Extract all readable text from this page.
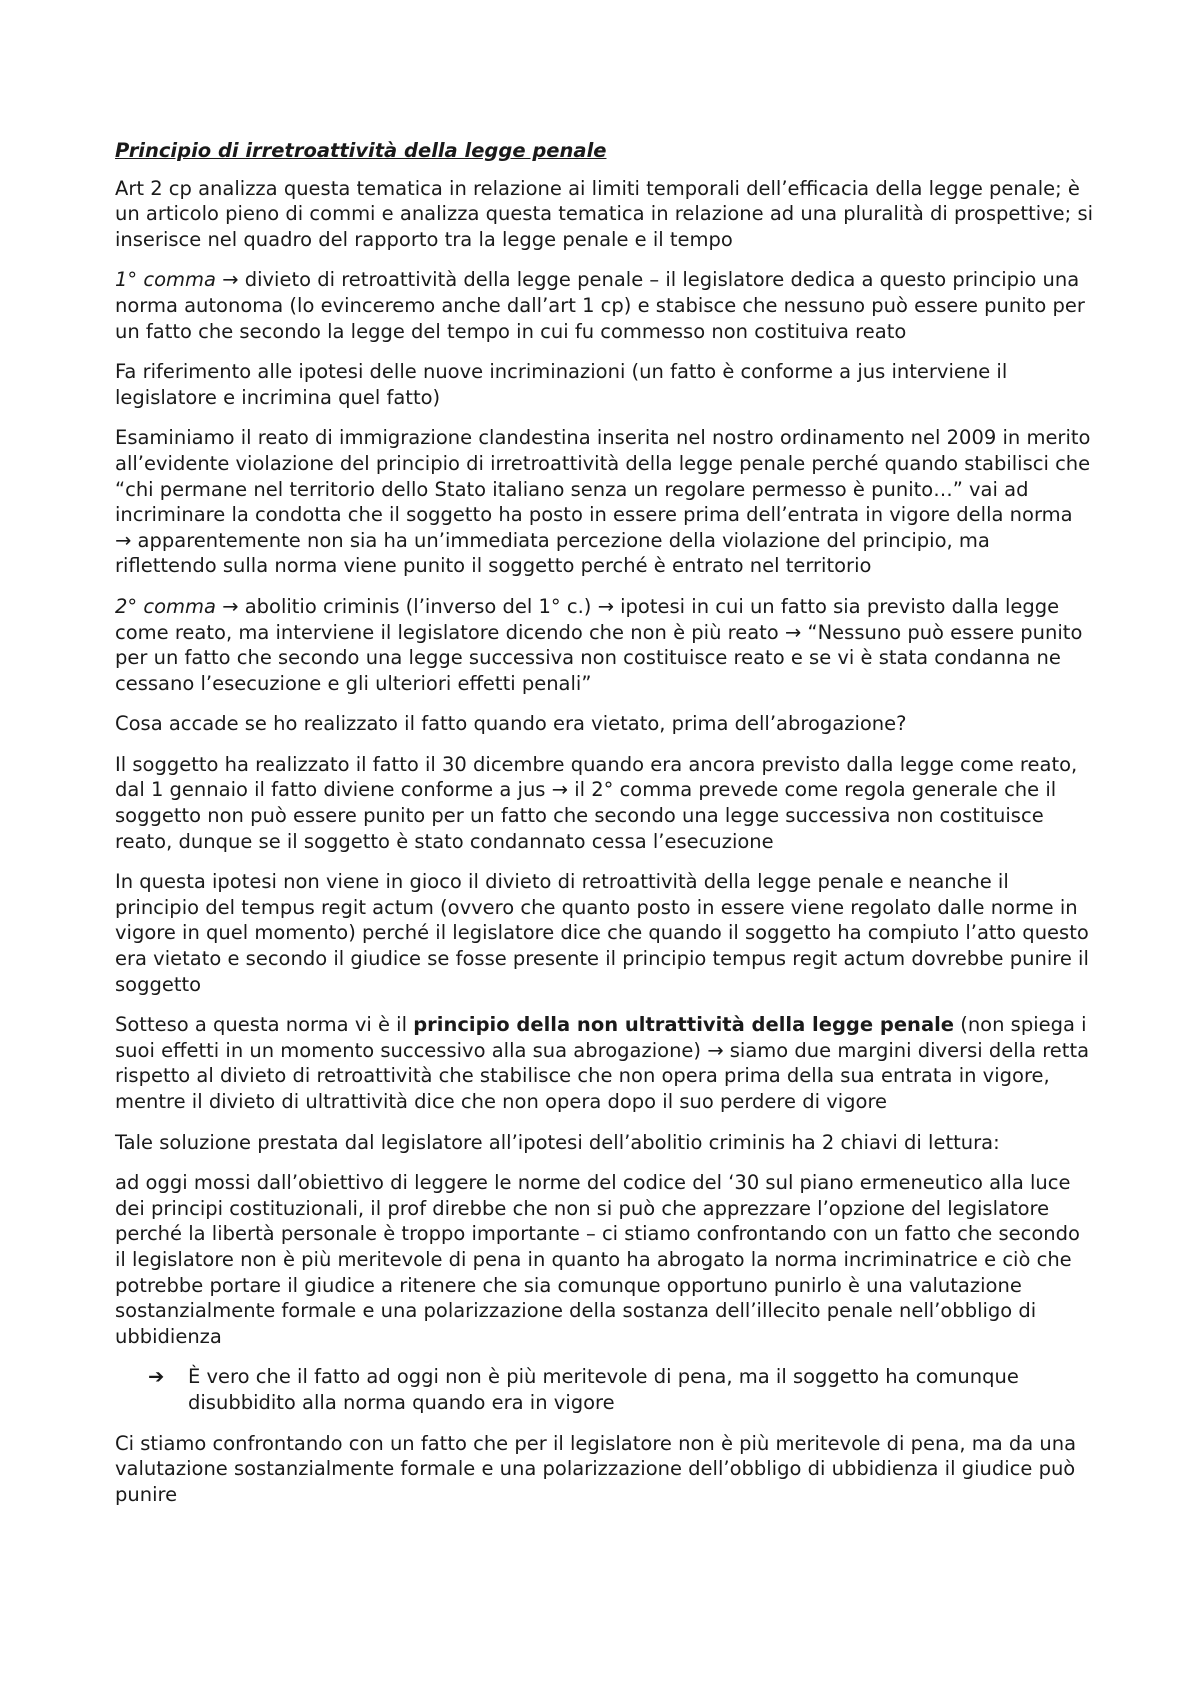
Principio di irretroattività della legge penale

Art 2 cp analizza questa tematica in relazione ai limiti temporali dell’efficacia della legge penale; è un articolo pieno di commi e analizza questa tematica in relazione ad una pluralità di prospettive; si inserisce nel quadro del rapporto tra la legge penale e il tempo

1° comma → divieto di retroattività della legge penale – il legislatore dedica a questo principio una norma autonoma (lo evinceremo anche dall’art 1 cp) e stabisce che nessuno può essere punito per un fatto che secondo la legge del tempo in cui fu commesso non costituiva reato

Fa riferimento alle ipotesi delle nuove incriminazioni (un fatto è conforme a jus interviene il legislatore e incrimina quel fatto)

Esaminiamo il reato di immigrazione clandestina inserita nel nostro ordinamento nel 2009 in merito all’evidente violazione del principio di irretroattività della legge penale perché quando stabilisci che “chi permane nel territorio dello Stato italiano senza un regolare permesso è punito…” vai ad incriminare la condotta che il soggetto ha posto in essere prima dell’entrata in vigore della norma → apparentemente non sia ha un’immediata percezione della violazione del principio, ma riflettendo sulla norma viene punito il soggetto perché è entrato nel territorio

2° comma → abolitio criminis (l’inverso del 1° c.) → ipotesi in cui un fatto sia previsto dalla legge come reato, ma interviene il legislatore dicendo che non è più reato → “Nessuno può essere punito per un fatto che secondo una legge successiva non costituisce reato e se vi è stata condanna ne cessano l’esecuzione e gli ulteriori effetti penali”

Cosa accade se ho realizzato il fatto quando era vietato, prima dell’abrogazione?

Il soggetto ha realizzato il fatto il 30 dicembre quando era ancora previsto dalla legge come reato, dal 1 gennaio il fatto diviene conforme a jus → il 2° comma prevede come regola generale che il soggetto non può essere punito per un fatto che secondo una legge successiva non costituisce reato, dunque se il soggetto è stato condannato cessa l’esecuzione

In questa ipotesi non viene in gioco il divieto di retroattività della legge penale e neanche il principio del tempus regit actum (ovvero che quanto posto in essere viene regolato dalle norme in vigore in quel momento) perché il legislatore dice che quando il soggetto ha compiuto l’atto questo era vietato e secondo il giudice se fosse presente il principio tempus regit actum dovrebbe punire il soggetto

Sotteso a questa norma vi è il principio della non ultrattività della legge penale (non spiega i suoi effetti in un momento successivo alla sua abrogazione) → siamo due margini diversi della retta rispetto al divieto di retroattività che stabilisce che non opera prima della sua entrata in vigore, mentre il divieto di ultrattività dice che non opera dopo il suo perdere di vigore

Tale soluzione prestata dal legislatore all’ipotesi dell’abolitio criminis ha 2 chiavi di lettura:

ad oggi mossi dall’obiettivo di leggere le norme del codice del ‘30 sul piano ermeneutico alla luce dei principi costituzionali, il prof direbbe che non si può che apprezzare l’opzione del legislatore perché la libertà personale è troppo importante – ci stiamo confrontando con un fatto che secondo il legislatore non è più meritevole di pena in quanto ha abrogato la norma incriminatrice e ciò che potrebbe portare il giudice a ritenere che sia comunque opportuno punirlo è una valutazione sostanzialmente formale e una polarizzazione della sostanza dell’illecito penale nell’obbligo di ubbidienza

➔	È vero che il fatto ad oggi non è più meritevole di pena, ma il soggetto ha comunque disubbidito alla norma quando era in vigore

Ci stiamo confrontando con un fatto che per il legislatore non è più meritevole di pena, ma da una valutazione sostanzialmente formale e una polarizzazione dell’obbligo di ubbidienza il giudice può punire
